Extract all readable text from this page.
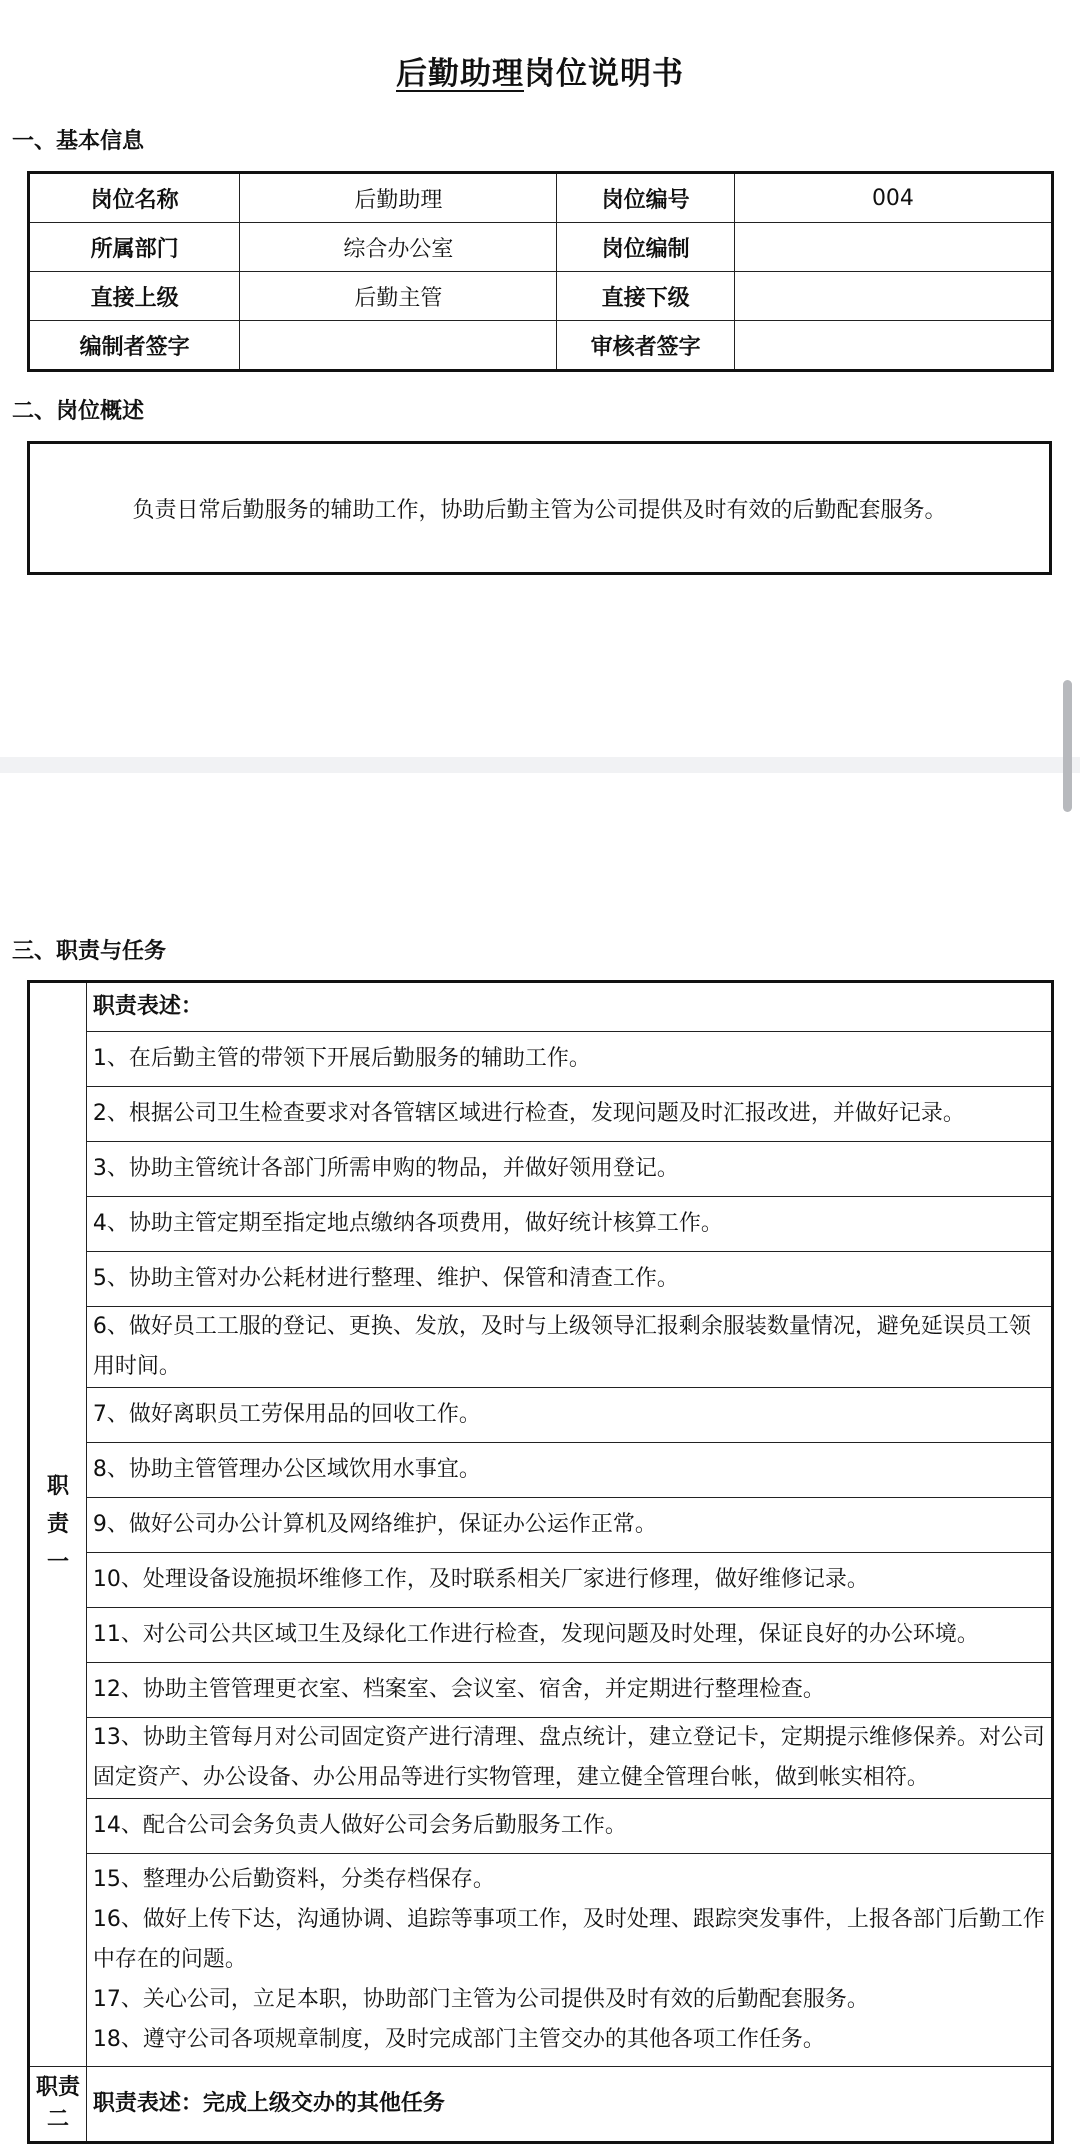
后勤助理岗位说明书
一、基本信息
岗位名称	后勤助理	岗位编号	004
所属部门	综合办公室	岗位编制	
直接上级	后勤主管	直接下级	
编制者签字		审核者签字	
二、岗位概述
负责日常后勤服务的辅助工作，协助后勤主管为公司提供及时有效的后勤配套服务。
三、职责与任务
职
责
一	职责表述：
	1、在后勤主管的带领下开展后勤服务的辅助工作。
	2、根据公司卫生检查要求对各管辖区域进行检查，发现问题及时汇报改进，并做好记录。
	3、协助主管统计各部门所需申购的物品，并做好领用登记。
	4、协助主管定期至指定地点缴纳各项费用，做好统计核算工作。
	5、协助主管对办公耗材进行整理、维护、保管和清查工作。
	6、做好员工工服的登记、更换、发放，及时与上级领导汇报剩余服装数量情况，避免延误员工领用时间。
	7、做好离职员工劳保用品的回收工作。
	8、协助主管管理办公区域饮用水事宜。
	9、做好公司办公计算机及网络维护，保证办公运作正常。
	10、处理设备设施损坏维修工作，及时联系相关厂家进行修理，做好维修记录。
	11、对公司公共区域卫生及绿化工作进行检查，发现问题及时处理，保证良好的办公环境。
	12、协助主管管理更衣室、档案室、会议室、宿舍，并定期进行整理检查。
	13、协助主管每月对公司固定资产进行清理、盘点统计，建立登记卡，定期提示维修保养。对公司固定资产、办公设备、办公用品等进行实物管理，建立健全管理台帐，做到帐实相符。
	14、配合公司会务负责人做好公司会务后勤服务工作。

	15、整理办公后勤资料，分类存档保存。
16、做好上传下达，沟通协调、追踪等事项工作，及时处理、跟踪突发事件，上报各部门后勤工作中存在的问题。
17、关心公司，立足本职，协助部门主管为公司提供及时有效的后勤配套服务。
18、遵守公司各项规章制度，及时完成部门主管交办的其他各项工作任务。

职责
二	职责表述：完成上级交办的其他任务
